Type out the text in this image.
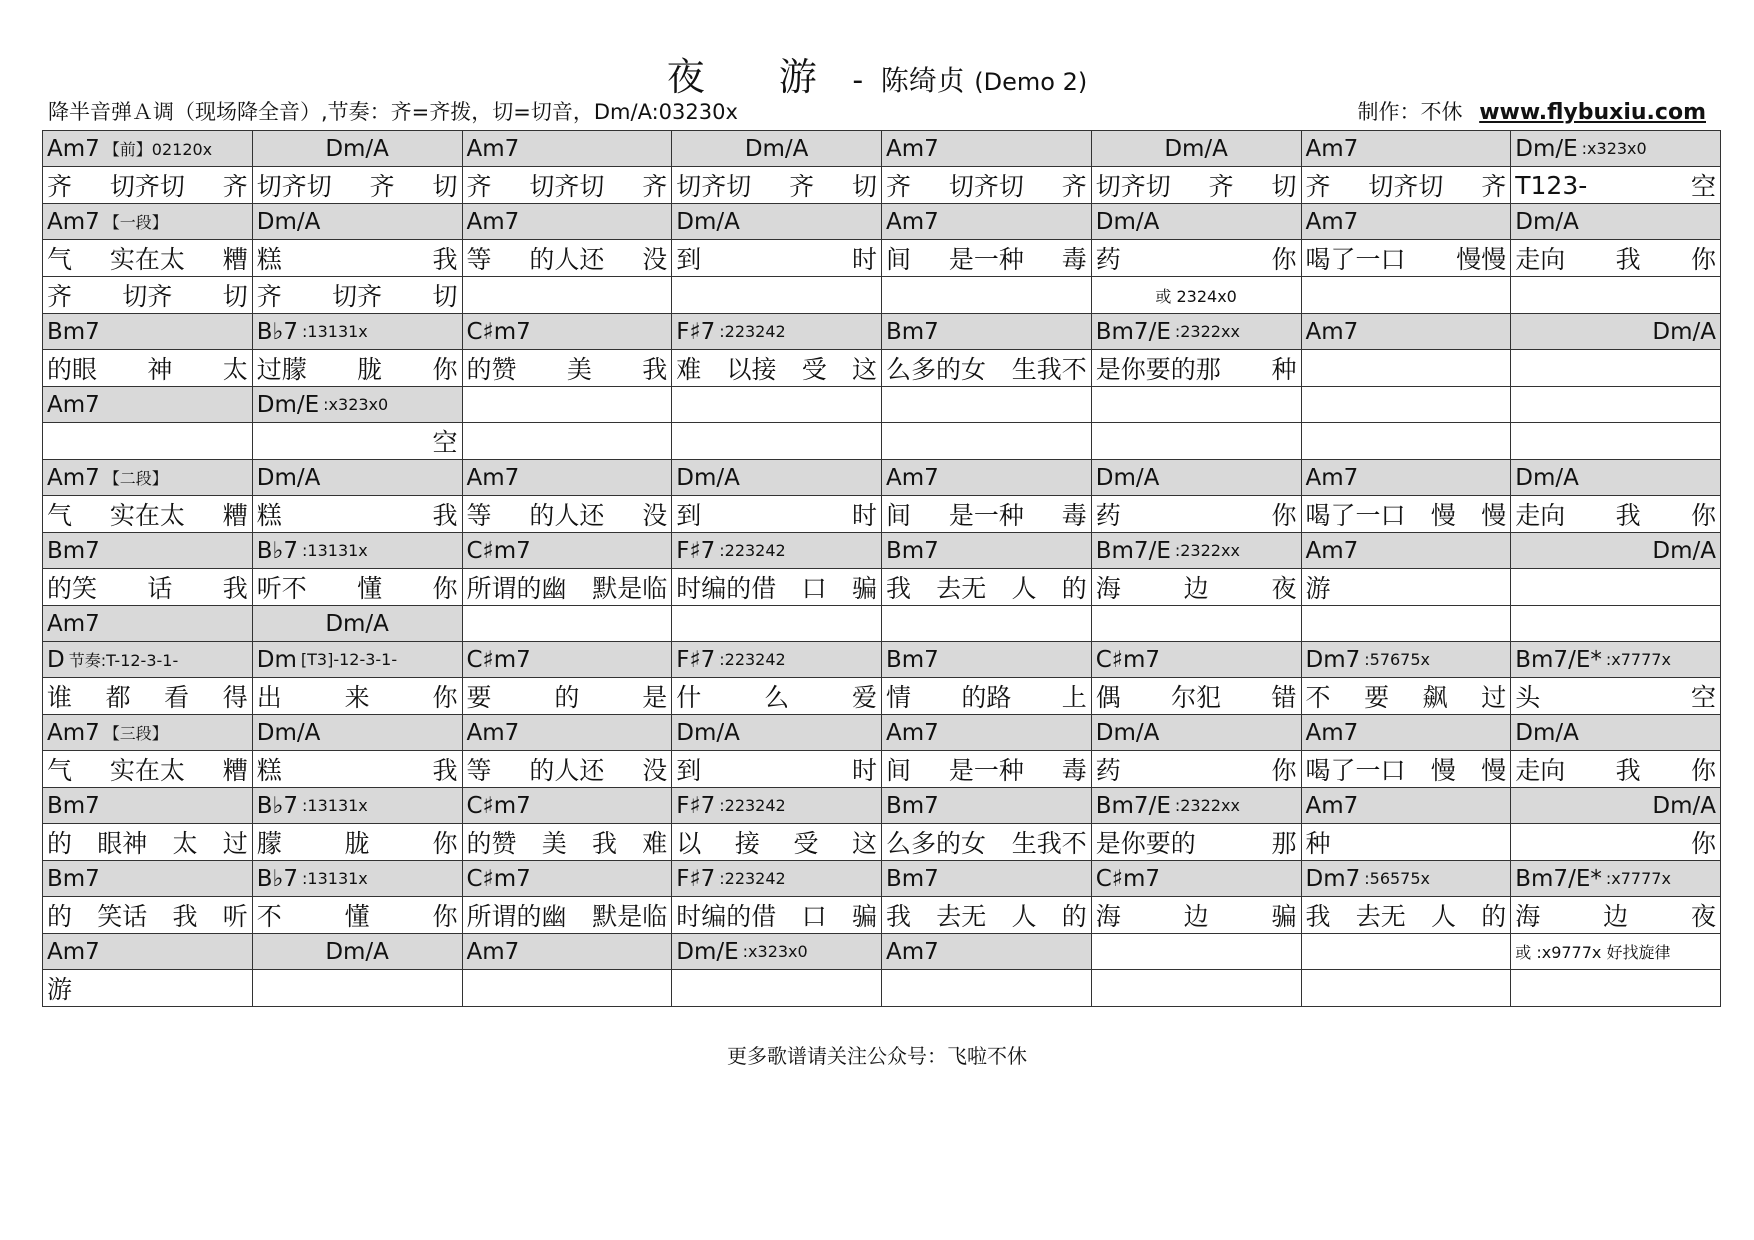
夜　游 - 陈绮贞 (Demo 2)
降半音弹Ａ调（现场降全音）,节奏：齐=齐拨，切=切音，Dm/A:03230x	制作：不休 www.flybuxiu.com
Am7 【前】02120x	Dm/A	Am7	Dm/A	Am7	Dm/A	Am7	Dm/E :x323x0

齐 切齐切 齐	切齐切 齐 切	齐 切齐切 齐	切齐切 齐 切	齐 切齐切 齐	切齐切 齐 切	齐 切齐切 齐	T123- 空

Am7 【一段】	Dm/A	Am7	Dm/A	Am7	Dm/A	Am7	Dm/A

气 实在太 糟	糕 我	等 的人还 没	到 时	间 是一种 毒	药 你	喝了一口 慢慢	走向 我 你

齐 切齐 切	齐 切齐 切				或 2324x0		

Bm7	B♭7 :13131x	C♯m7	F♯7 :223242	Bm7	Bm7/E :2322xx	Am7	Dm/A

的眼 神 太	过朦 胧 你	的赞 美 我	难 以接 受 这	么多的女 生我不	是你要的那 种		

Am7	Dm/E :x323x0						

	空						

Am7 【二段】	Dm/A	Am7	Dm/A	Am7	Dm/A	Am7	Dm/A

气 实在太 糟	糕 我	等 的人还 没	到 时	间 是一种 毒	药 你	喝了一口 慢 慢	走向 我 你

Bm7	B♭7 :13131x	C♯m7	F♯7 :223242	Bm7	Bm7/E :2322xx	Am7	Dm/A

的笑 话 我	听不 懂 你	所谓的幽 默是临	时编的借 口 骗	我 去无 人 的	海 边 夜	游	

Am7	Dm/A						

D 节奏:T-12-3-1-	Dm [T3]-12-3-1-	C♯m7	F♯7 :223242	Bm7	C♯m7	Dm7 :57675x	Bm7/E* :x7777x

谁 都 看 得	出 来 你	要 的 是	什 么 爱	情 的路 上	偶 尔犯 错	不 要 飙 过	头 空

Am7 【三段】	Dm/A	Am7	Dm/A	Am7	Dm/A	Am7	Dm/A

气 实在太 糟	糕 我	等 的人还 没	到 时	间 是一种 毒	药 你	喝了一口 慢 慢	走向 我 你

Bm7	B♭7 :13131x	C♯m7	F♯7 :223242	Bm7	Bm7/E :2322xx	Am7	Dm/A

的 眼神 太 过	朦 胧 你	的赞 美 我 难	以 接 受 这	么多的女 生我不	是你要的 那	种	你

Bm7	B♭7 :13131x	C♯m7	F♯7 :223242	Bm7	C♯m7	Dm7 :56575x	Bm7/E* :x7777x

的 笑话 我 听	不 懂 你	所谓的幽 默是临	时编的借 口 骗	我 去无 人 的	海 边 骗	我 去无 人 的	海 边 夜

Am7	Dm/A	Am7	Dm/E :x323x0	Am7			或 :x9777x 好找旋律

游							

更多歌谱请关注公众号：飞啦不休
